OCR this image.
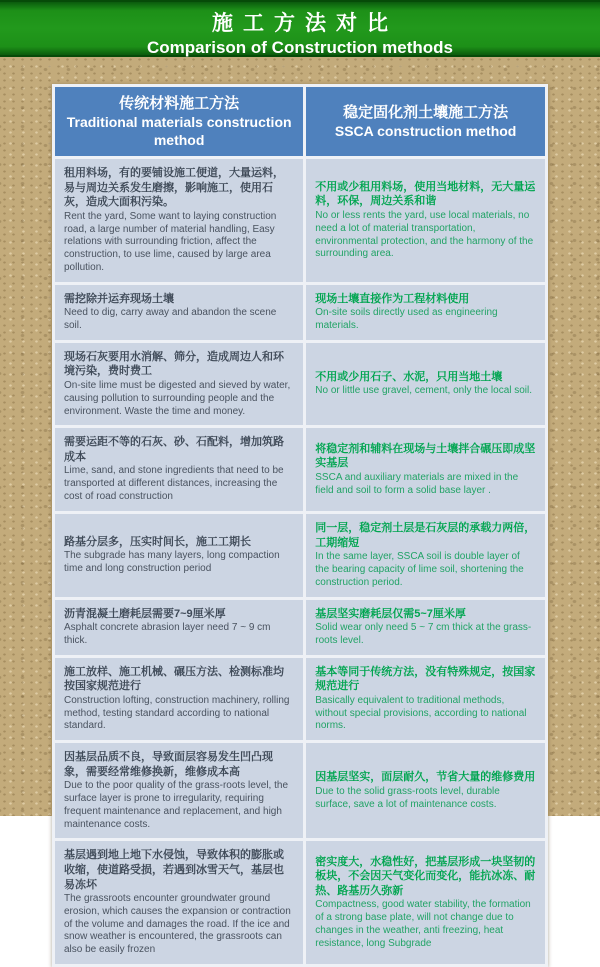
施工方法对比
Comparison of Construction methods
传统材料施工方法
Traditional materials construction method
稳定固化剂土壤施工方法
SSCA construction method
租用料场，有的要铺设施工便道，大量运料，易与周边关系发生磨擦，影响施工，使用石灰，造成大面积污染。
Rent the yard, Some want to laying construction road, a large number of material handling, Easy relations with surrounding friction, affect the construction, to use lime, caused by large area pollution.
不用或少租用料场，使用当地材料，无大量运料，环保，周边关系和谐
No or less rents the yard, use local materials, no need a lot of material transportation, environmental protection, and the harmony of the surrounding area.
需挖除并运弃现场土壤
Need to dig, carry away and abandon the scene soil.
现场土壤直接作为工程材料使用
On-site soils directly used as engineering materials.
现场石灰要用水消解、筛分，造成周边人和环境污染，费时费工
On-site lime must be digested and sieved by water, causing pollution to surrounding people and the environment. Waste the time and money.
不用或少用石子、水泥，只用当地土壤
No or little use gravel, cement, only the local soil.
需要运距不等的石灰、砂、石配料，增加筑路成本
Lime, sand, and stone ingredients that need to be transported at different distances, increasing the cost of road construction
将稳定剂和辅料在现场与土壤拌合碾压即成坚实基层
SSCA and auxiliary materials are mixed in the field and soil to form a solid base layer .
路基分层多，压实时间长，施工工期长
The subgrade has many layers, long compaction time and long construction period
同一层，稳定剂土层是石灰层的承载力两倍，工期缩短
In the same layer, SSCA soil is double layer of the bearing capacity of lime soil, shortening the construction period.
沥青混凝土磨耗层需要7~9厘米厚
Asphalt concrete abrasion layer need 7 ~ 9 cm thick.
基层坚实磨耗层仅需5~7厘米厚
Solid wear only need 5 ~ 7 cm thick at the grass-roots level.
施工放样、施工机械、碾压方法、检测标准均按国家规范进行
Construction lofting, construction machinery, rolling method, testing standard according to national standard.
基本等同于传统方法，没有特殊规定，按国家规范进行
Basically equivalent to traditional methods, without special provisions, according to national norms.
因基层品质不良，导致面层容易发生凹凸现象，需要经常维修换新，维修成本高
Due to the poor quality of the grass-roots level, the surface layer is prone to irregularity, requiring frequent maintenance and replacement, and high maintenance costs.
因基层坚实，面层耐久，节省大量的维修费用
Due to the solid grass-roots level, durable surface, save a lot of maintenance costs.
基层遇到地上地下水侵蚀，导致体积的膨胀或收缩，使道路受损，若遇到冰雪天气，基层也易冻坏
The grassroots encounter groundwater ground erosion, which causes the expansion or contraction of the volume and damages the road. If the ice and snow weather is encountered, the grassroots can also be easily frozen
密实度大，水稳性好，把基层形成一块坚韧的板块，不会因天气变化而变化，能抗冰冻、耐热、路基历久弥新
Compactness, good water stability, the formation of a strong base plate, will not change due to changes in the weather, anti freezing, heat resistance, long Subgrade
